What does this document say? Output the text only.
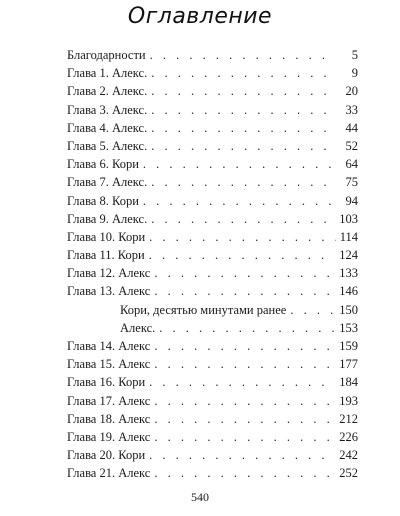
Оглавление
Благодарности . . .	5
Глава 1. Алекс. . . .	9
Глава 2. Алекс. . . .	20
Глава 3. Алекс. . . .	33
Глава 4. Алекс. . . .	44
Глава 5. Алекс. . . .	52
Глава 6. Кори . . .	64
Глава 7. Алекс. . . .	75
Глава 8. Кори . . .	94
Глава 9. Алекс. . . .	103
Глава 10. Кори . . .	114
Глава 11. Кори . . .	124
Глава 12. Алекс . . .	133
Глава 13. Алекс . . .	146
Кори, десятью минутами ранее . . .	150
Алекс. . . .	153
Глава 14. Алекс . . .	159
Глава 15. Алекс . . .	177
Глава 16. Кори . . .	184
Глава 17. Алекс . . .	193
Глава 18. Алекс . . .	212
Глава 19. Алекс . . .	226
Глава 20. Кори . . .	242
Глава 21. Алекс . . .	252
540
